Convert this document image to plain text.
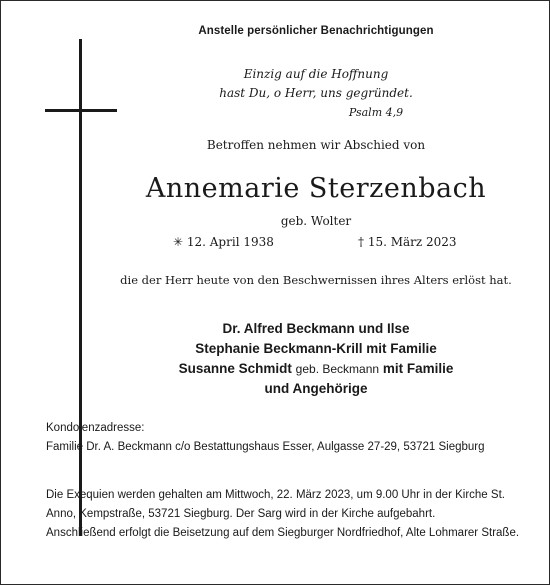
Anstelle persönlicher Benachrichtigungen
Einzig auf die Hoffnung
hast Du, o Herr, uns gegründet.
Psalm 4,9
Betroffen nehmen wir Abschied von
Annemarie Sterzenbach
geb. Wolter
✳ 12. April 1938	† 15. März 2023
die der Herr heute von den Beschwernissen ihres Alters erlöst hat.
Dr. Alfred Beckmann und Ilse
Stephanie Beckmann-Krill mit Familie
Susanne Schmidt geb. Beckmann mit Familie
und Angehörige
Kondolenzadresse:
Familie Dr. A. Beckmann c/o Bestattungshaus Esser, Aulgasse 27-29, 53721 Siegburg
Die Exequien werden gehalten am Mittwoch, 22. März 2023, um 9.00 Uhr in der Kirche St. Anno, Kempstraße, 53721 Siegburg. Der Sarg wird in der Kirche aufgebahrt.
Anschließend erfolgt die Beisetzung auf dem Siegburger Nordfriedhof, Alte Lohmarer Straße.
